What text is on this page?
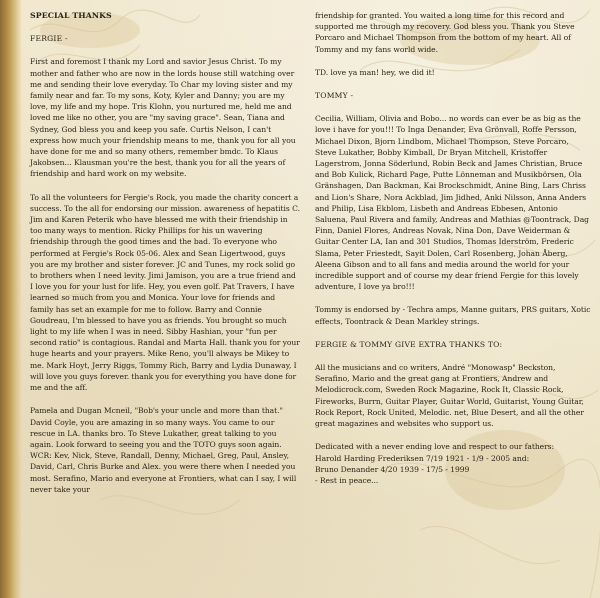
SPECIAL THANKS
FERGIE -

First and foremost I thank my Lord and savior Jesus Christ. To my mother and father who are now in the lords house still watching over me and sending their love everyday. To Char my loving sister and my family near and far. To my sons, Koty, Kyler and Danny; you are my love, my life and my hope. Tris Klohn, you nurtured me, held me and loved me like no other, you are "my saving grace". Sean, Tiana and Sydney, God bless you and keep you safe. Curtis Nelson, I can't express how much your friendship means to me, thank you for all you have done for me and so many others, remember bmdc. To Klaus Jakobsen... Klausman you're the best, thank you for all the years of friendship and hard work on my website.

To all the volunteers for Fergie's Rock, you made the charity concert a success. To the all for endorsing our mission. awareness of hepatitis C. Jim and Karen Peterik who have blessed me with their friendship in too many ways to mention. Ricky Phillips for his un wavering friendship through the good times and the bad. To everyone who performed at Fergie's Rock 05-06. Alex and Sean Ligertwood, guys you are my brother and sister forever. JC and Tunes, my rock solid go to brothers when I need levity. Jimi Jamison, you are a true friend and I love you for your lust for life. Hey, you even golf. Pat Travers, I have learned so much from you and Monica. Your love for friends and family has set an example for me to follow. Barry and Connie Goudreau, I'm blessed to have you as friends. You brought so much light to my life when I was in need. Sibby Hashian, your "fun per second ratio" is contagious. Randal and Marta Hall. thank you for your huge hearts and your prayers. Mike Reno, you'll always be Mikey to me. Mark Hoyt, Jerry Riggs, Tommy Rich, Barry and Lydia Dunaway, I will love you guys forever. thank you for everything you have done for me and the aff.

Pamela and Dugan Mcneil, "Bob's your uncle and more than that." David Coyle, you are amazing in so many ways. You came to our rescue in LA. thanks bro. To Steve Lukather, great talking to you again. Look forward to seeing you and the TOTO guys soon again. WCR: Kev, Nick, Steve, Randall, Denny, Michael, Greg, Paul, Ansley, David, Carl, Chris Burke and Alex. you were there when I needed you most. Serafino, Mario and everyone at Frontiers, what can I say, I will never take your

friendship for granted. You waited a long time for this record and supported me through my recovery. God bless you. Thank you Steve Porcaro and Michael Thompson from the bottom of my heart. All of Tommy and my fans world wide.

TD. love ya man! hey, we did it!

TOMMY -

Cecilia, William, Olivia and Bobo... no words can ever be as big as the love i have for you!!! To Inga Denander, Eva Grönvall, Roffe Persson, Michael Dixon, Bjorn Lindbom, Michael Thompson, Steve Porcaro, Steve Lukather, Bobby Kimball, Dr Bryan Mitchell, Kristoffer Lagerstrom, Jonna Söderlund, Robin Beck and James Christian, Bruce and Bob Kulick, Richard Page, Putte Lönneman and Musikbörsen, Ola Gränshagen, Dan Backman, Kai Brockschmidt, Anine Bing, Lars Chriss and Lion's Share, Nora Ackblad, Jim Jidhed, Anki Nilsson, Anna Anders and Philip, Lisa Ekblom, Lisbeth and Andreas Ebbesen, Antonio Saluena, Paul Rivera and family, Andreas and Mathias @Toontrack, Dag Finn, Daniel Flores, Andreas Novak, Nina Don, Dave Weiderman & Guitar Center LA, Ian and 301 Studios, Thomas Iderström, Frederic Slama, Peter Friestedt, Sayit Dolen, Carl Rosenberg, Johan Åberg, Aleena Gibson and to all fans and media around the world for your incredible support and of course my dear friend Fergie for this lovely adventure, I love ya bro!!!

Tommy is endorsed by - Techra amps, Manne guitars, PRS guitars, Xotic effects, Toontrack & Dean Markley strings.

FERGIE & TOMMY GIVE EXTRA THANKS TO:

All the musicians and co writers, André "Monowasp" Beckston, Serafino, Mario and the great gang at Frontiers, Andrew and Melodicrock.com, Sweden Rock Magazine, Rock It, Classic Rock, Fireworks, Burrn, Guitar Player, Guitar World, Guitarist, Young Guitar, Rock Report, Rock United, Melodic. net, Blue Desert, and all the other great magazines and websites who support us.

Dedicated with a never ending love and respect to our fathers:
Harold Harding Frederiksen 7/19 1921 - 1/9 - 2005 and:
Bruno Denander 4/20 1939 - 17/5 - 1999
- Rest in peace...
